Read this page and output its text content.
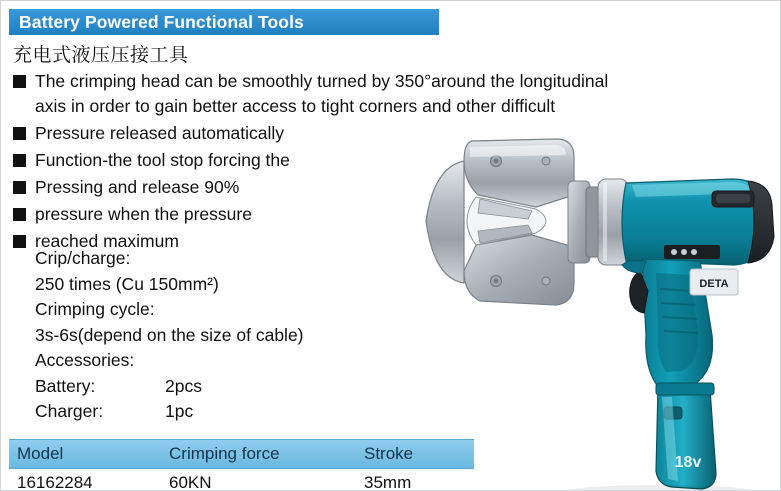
Battery Powered Functional Tools
充电式液压压接工具
The crimping head can be smoothly turned by 350°around the longitudinal
axis in order to gain better access to tight corners and other difficult
Pressure released automatically
Function-the tool stop forcing the
Pressing and release 90%
pressure when the pressure
reached maximum
Crip/charge:
250 times (Cu 150mm²)
Crimping cycle:
3s-6s(depend on the size of cable)
Accessories:
Battery:	2pcs
Charger:	1pc
DETA
18v
Model	Crimping force	Stroke
16162284	60KN	35mm
